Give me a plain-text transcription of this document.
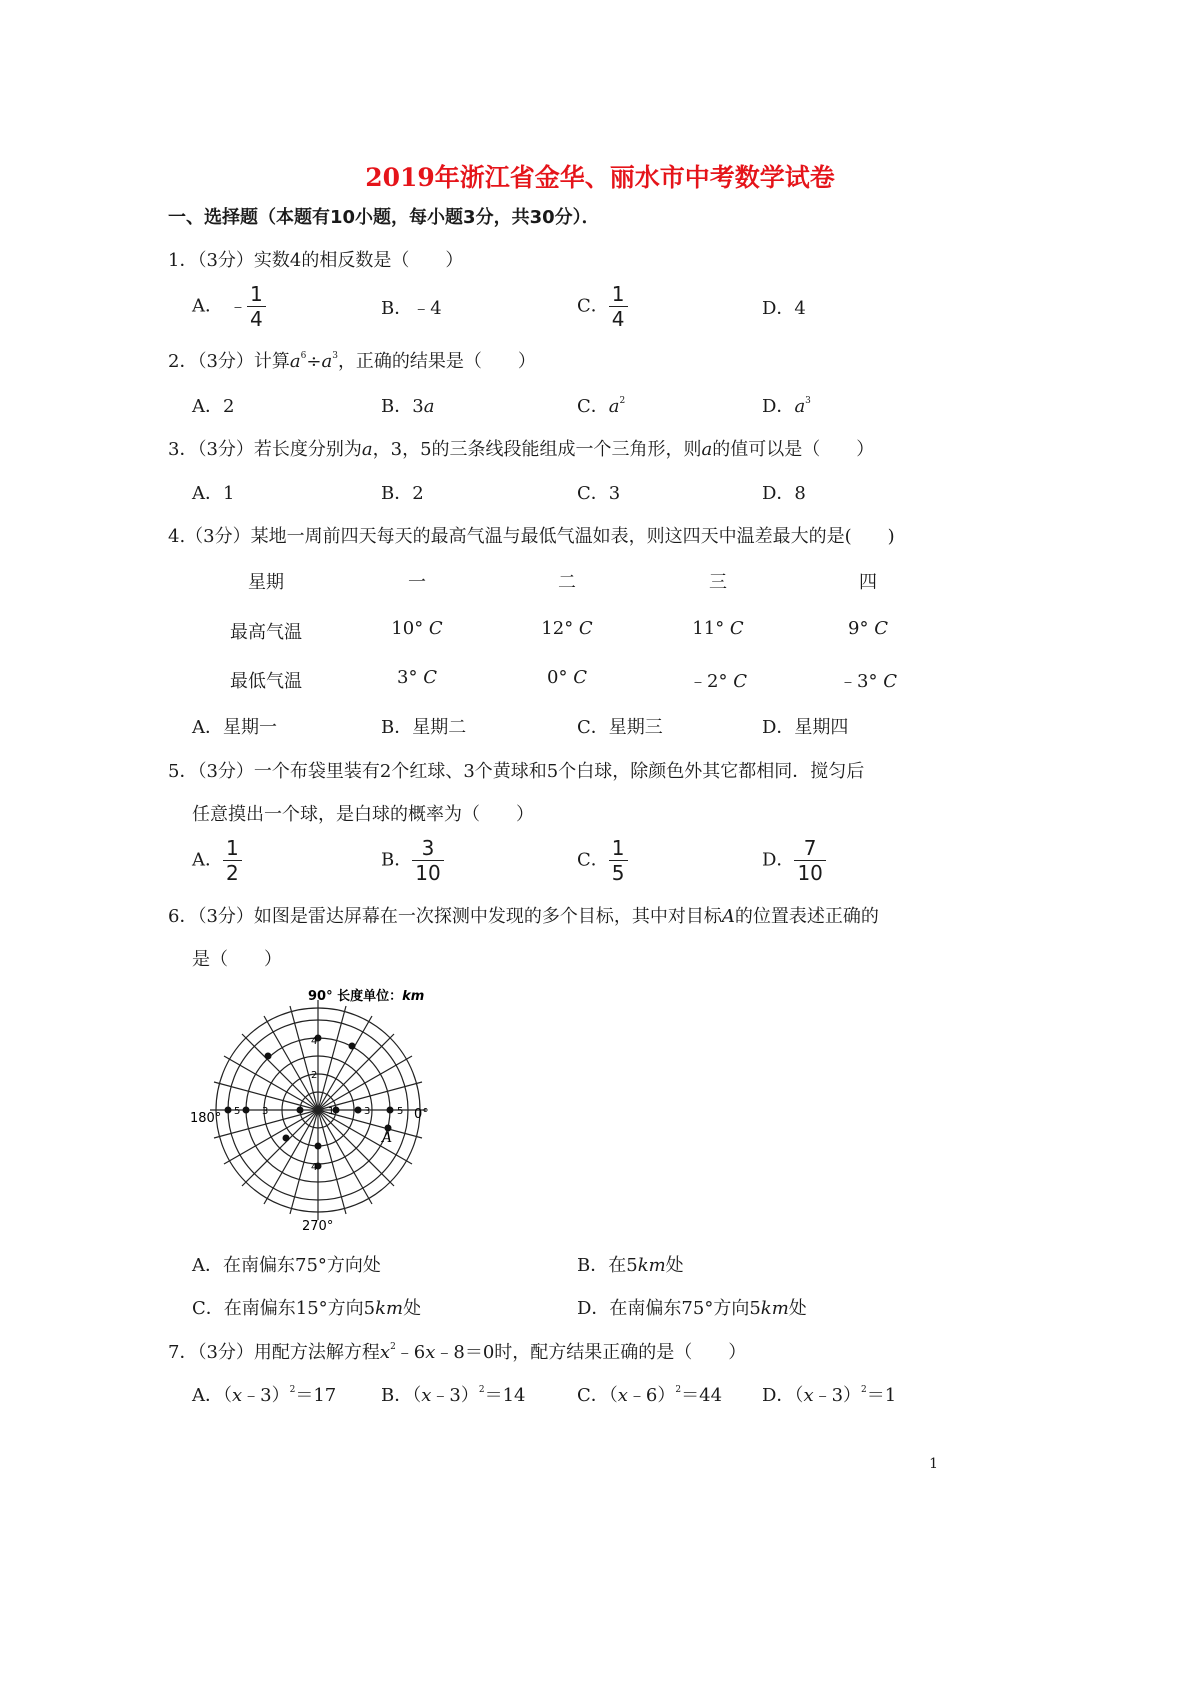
2019年浙江省金华、丽水市中考数学试卷
一、选择题（本题有10小题，每小题3分，共30分）．
1．（3分）实数4的相反数是（　　）
A． ﹣ $\frac{1}{4}$	B．﹣4	C． $\frac{1}{4}$	D．4
2．（3分）计算$a^6\div a^3$，正确的结果是（　　）
A．2	B．3a	C．$a^2$	D．$a^3$
3．（3分）若长度分别为a，3，5的三条线段能组成一个三角形，则a的值可以是（　　）
A．1	B．2	C．3	D．8
4.（3分）某地一周前四天每天的最高气温与最低气温如表，则这四天中温差最大的是(　　)
星期	一	二	三	四
最高气温	10° C	12° C	11° C	9° C
最低气温	3° C	0° C	﹣2° C	﹣3° C
A．星期一	B．星期二	C．星期三	D．星期四
5．（3分）一个布袋里装有2个红球、3个黄球和5个白球，除颜色外其它都相同．搅匀后
任意摸出一个球，是白球的概率为（　　）
A． $\frac{1}{2}$	B． $\frac{3}{10}$	C． $\frac{1}{5}$	D． $\frac{7}{10}$
6．（3分）如图是雷达屏幕在一次探测中发现的多个目标，其中对目标A的位置表述正确的
是（　　）
90° 长度单位：km
180°	0°
270°
A
1
2
3
4
5
3
5
4
A．在南偏东75°方向处	B．在5km处
C．在南偏东15°方向5km处	D．在南偏东75°方向5km处
7．（3分）用配方法解方程$x^2﹣6x﹣8=0$时，配方结果正确的是（　　）
A．（x﹣3）$^2$＝17 B．（x﹣3）$^2$＝14	C．（x﹣6）$^2$＝44 D．（x﹣3）$^2$＝1
1
